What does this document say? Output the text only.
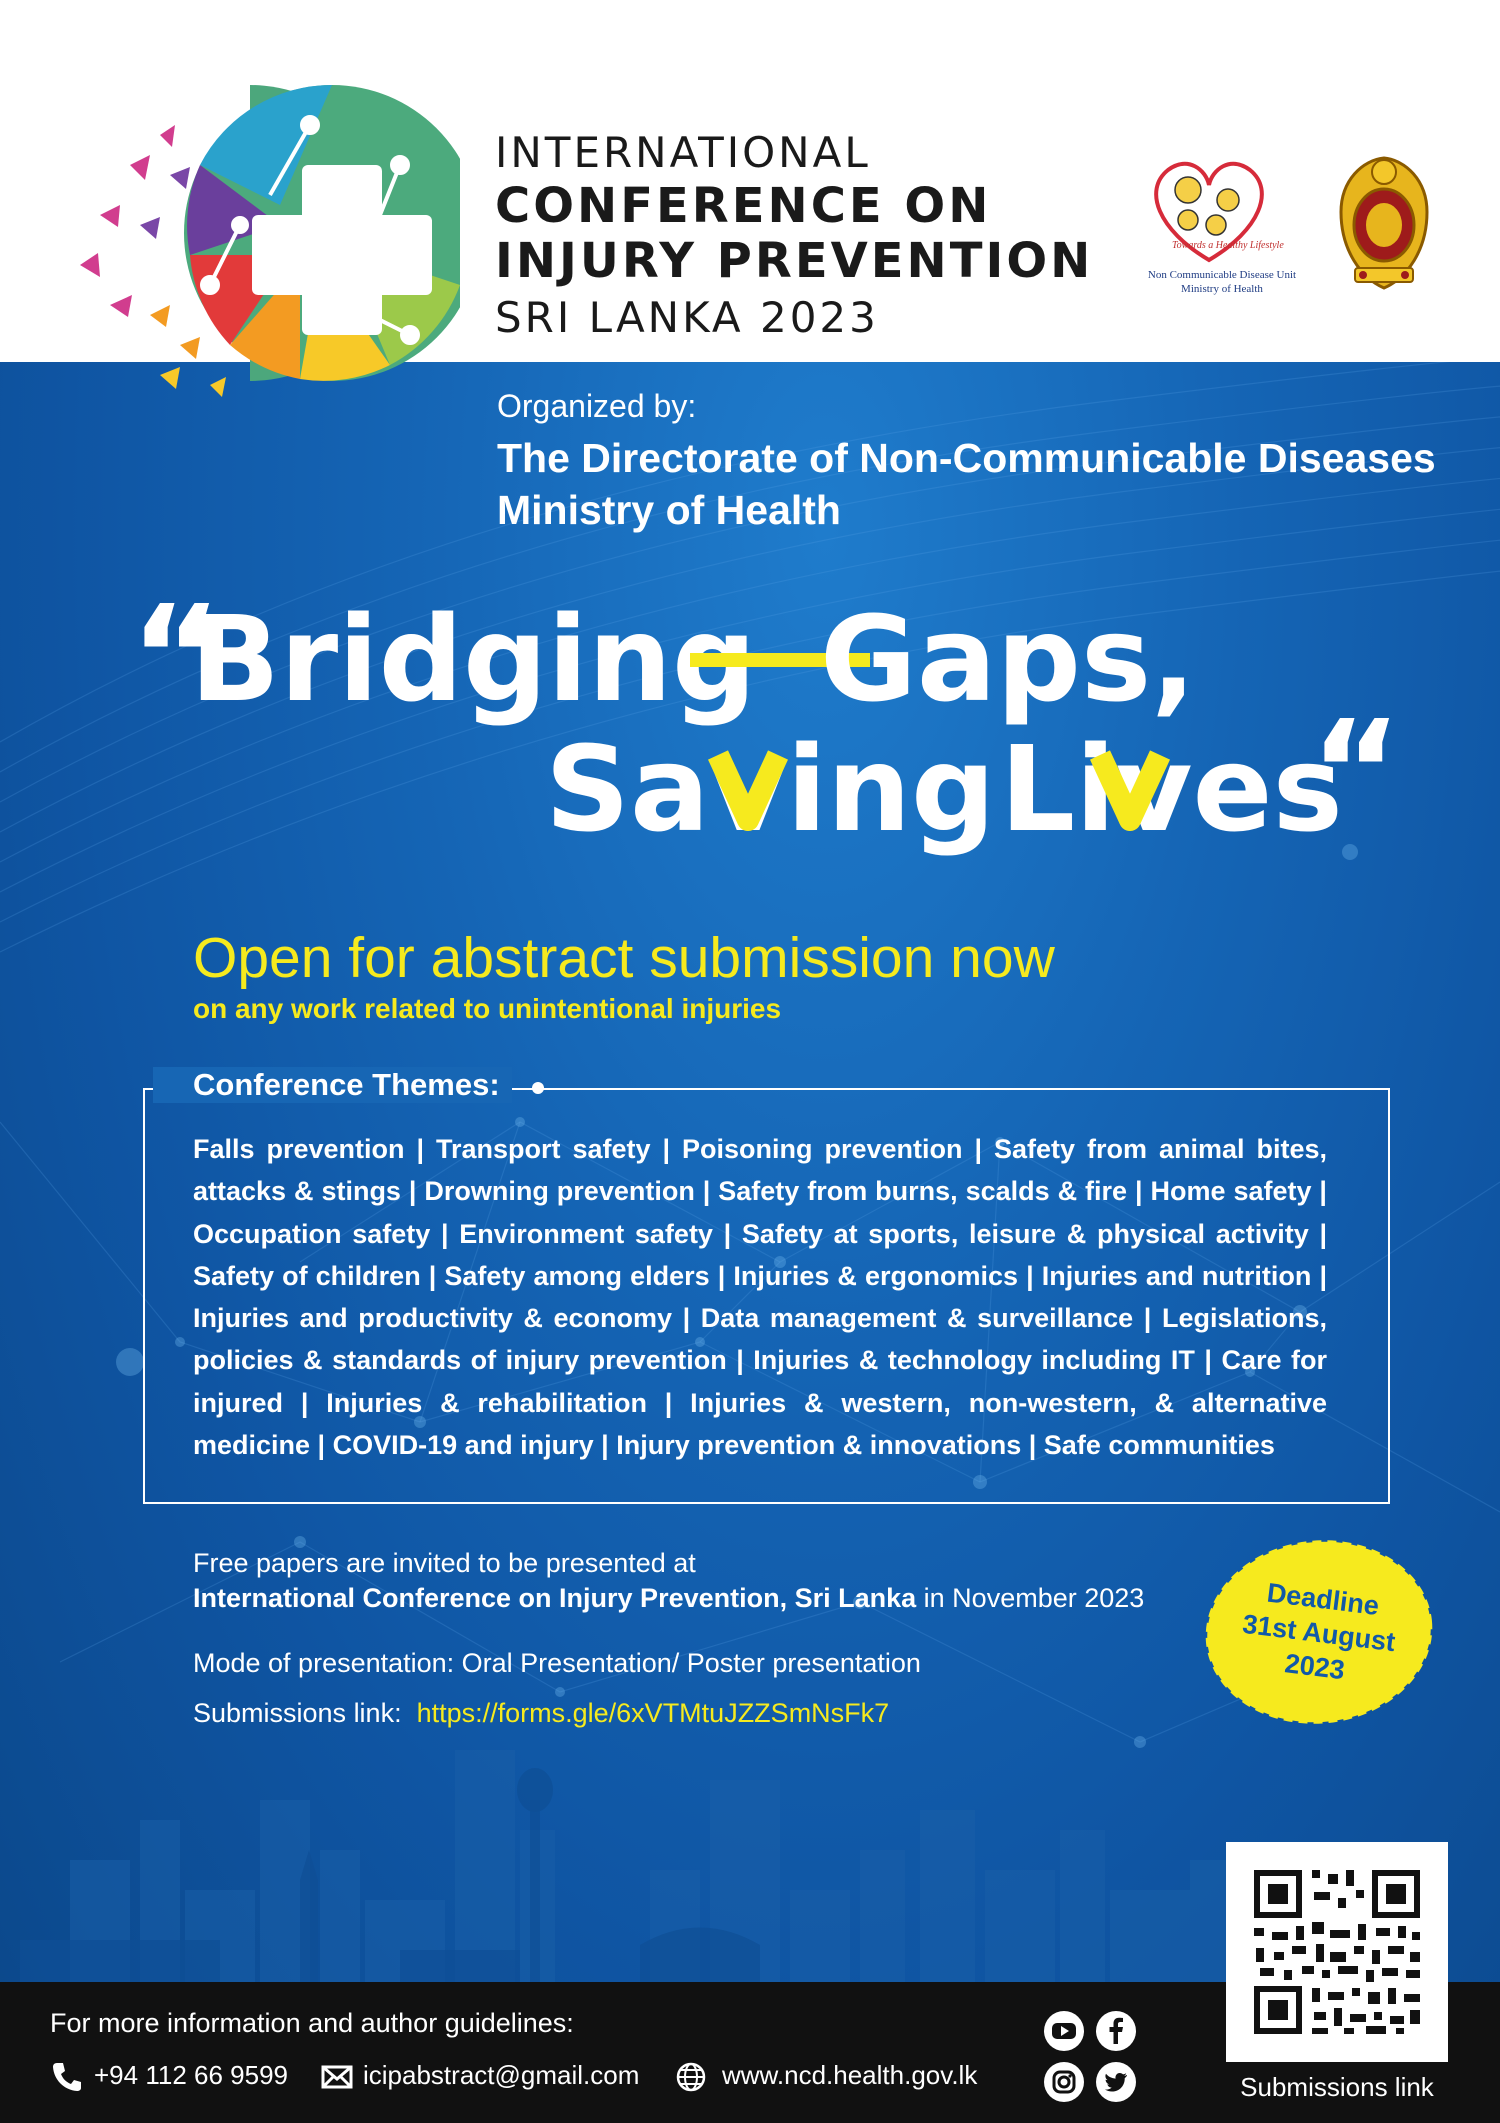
INTERNATIONAL
CONFERENCE ON
INJURY PREVENTION
SRI LANKA 2023
Towards a Healthy Lifestyle
Non Communicable Disease Unit
Ministry of Health
Organized by:
The Directorate of Non-Communicable Diseases
Ministry of Health
“
Bridging Gaps,
Saving Lives
“
Open for abstract submission now
on any work related to unintentional injuries
Conference Themes:
Falls prevention | Transport safety | Poisoning prevention | Safety from animal bites, attacks & stings | Drowning prevention | Safety from burns, scalds & fire | Home safety | Occupation safety | Environment safety | Safety at sports, leisure & physical activity | Safety of children | Safety among elders | Injuries & ergonomics | Injuries and nutrition | Injuries and productivity & economy | Data management & surveillance | Legislations, policies & standards of injury prevention | Injuries & technology including IT | Care for injured | Injuries & rehabilitation | Injuries & western, non-western, & alternative medicine | COVID-19 and injury | Injury prevention & innovations | Safe communities
Free papers are invited to be presented at
International Conference on Injury Prevention, Sri Lanka in November 2023
Mode of presentation: Oral Presentation/ Poster presentation
Submissions link: https://forms.gle/6xVTMtuJZZSmNsFk7
Deadline
31st August
2023
For more information and author guidelines:
+94 112 66 9599	icipabstract@gmail.com	www.ncd.health.gov.lk	Submissions link
